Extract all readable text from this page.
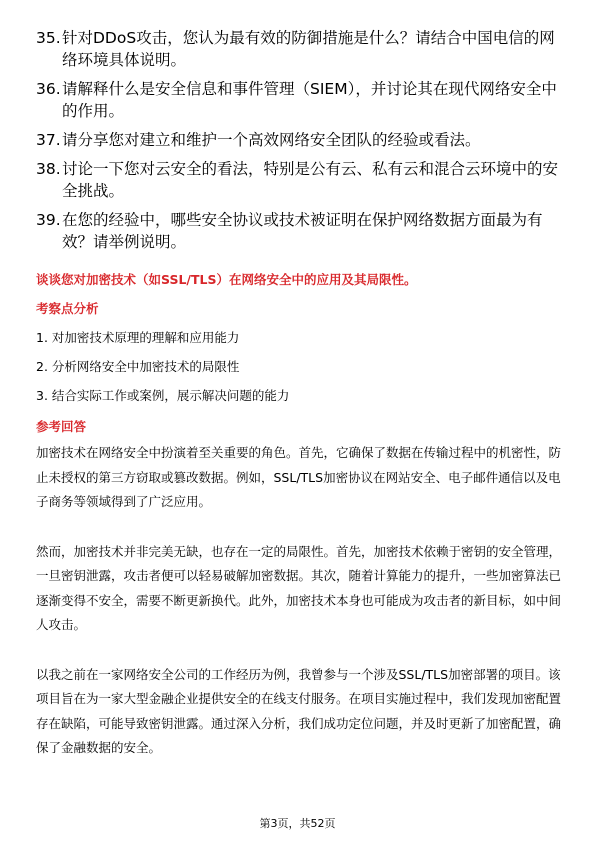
35. 针对DDoS攻击，您认为最有效的防御措施是什么？请结合中国电信的网络环境具体说明。
36. 请解释什么是安全信息和事件管理（SIEM），并讨论其在现代网络安全中的作用。
37. 请分享您对建立和维护一个高效网络安全团队的经验或看法。
38. 讨论一下您对云安全的看法，特别是公有云、私有云和混合云环境中的安全挑战。
39. 在您的经验中，哪些安全协议或技术被证明在保护网络数据方面最为有效？请举例说明。
谈谈您对加密技术（如SSL/TLS）在网络安全中的应用及其局限性。
考察点分析
1. 对加密技术原理的理解和应用能力
2. 分析网络安全中加密技术的局限性
3. 结合实际工作或案例，展示解决问题的能力
参考回答

加密技术在网络安全中扮演着至关重要的角色。首先，它确保了数据在传输过程中的机密性，防止未授权的第三方窃取或篡改数据。例如，SSL/TLS加密协议在网站安全、电子邮件通信以及电子商务等领域得到了广泛应用。

然而，加密技术并非完美无缺，也存在一定的局限性。首先，加密技术依赖于密钥的安全管理，一旦密钥泄露，攻击者便可以轻易破解加密数据。其次，随着计算能力的提升，一些加密算法已逐渐变得不安全，需要不断更新换代。此外，加密技术本身也可能成为攻击者的新目标，如中间人攻击。

以我之前在一家网络安全公司的工作经历为例，我曾参与一个涉及SSL/TLS加密部署的项目。该项目旨在为一家大型金融企业提供安全的在线支付服务。在项目实施过程中，我们发现加密配置存在缺陷，可能导致密钥泄露。通过深入分析，我们成功定位问题，并及时更新了加密配置，确保了金融数据的安全。

第3页，共52页
